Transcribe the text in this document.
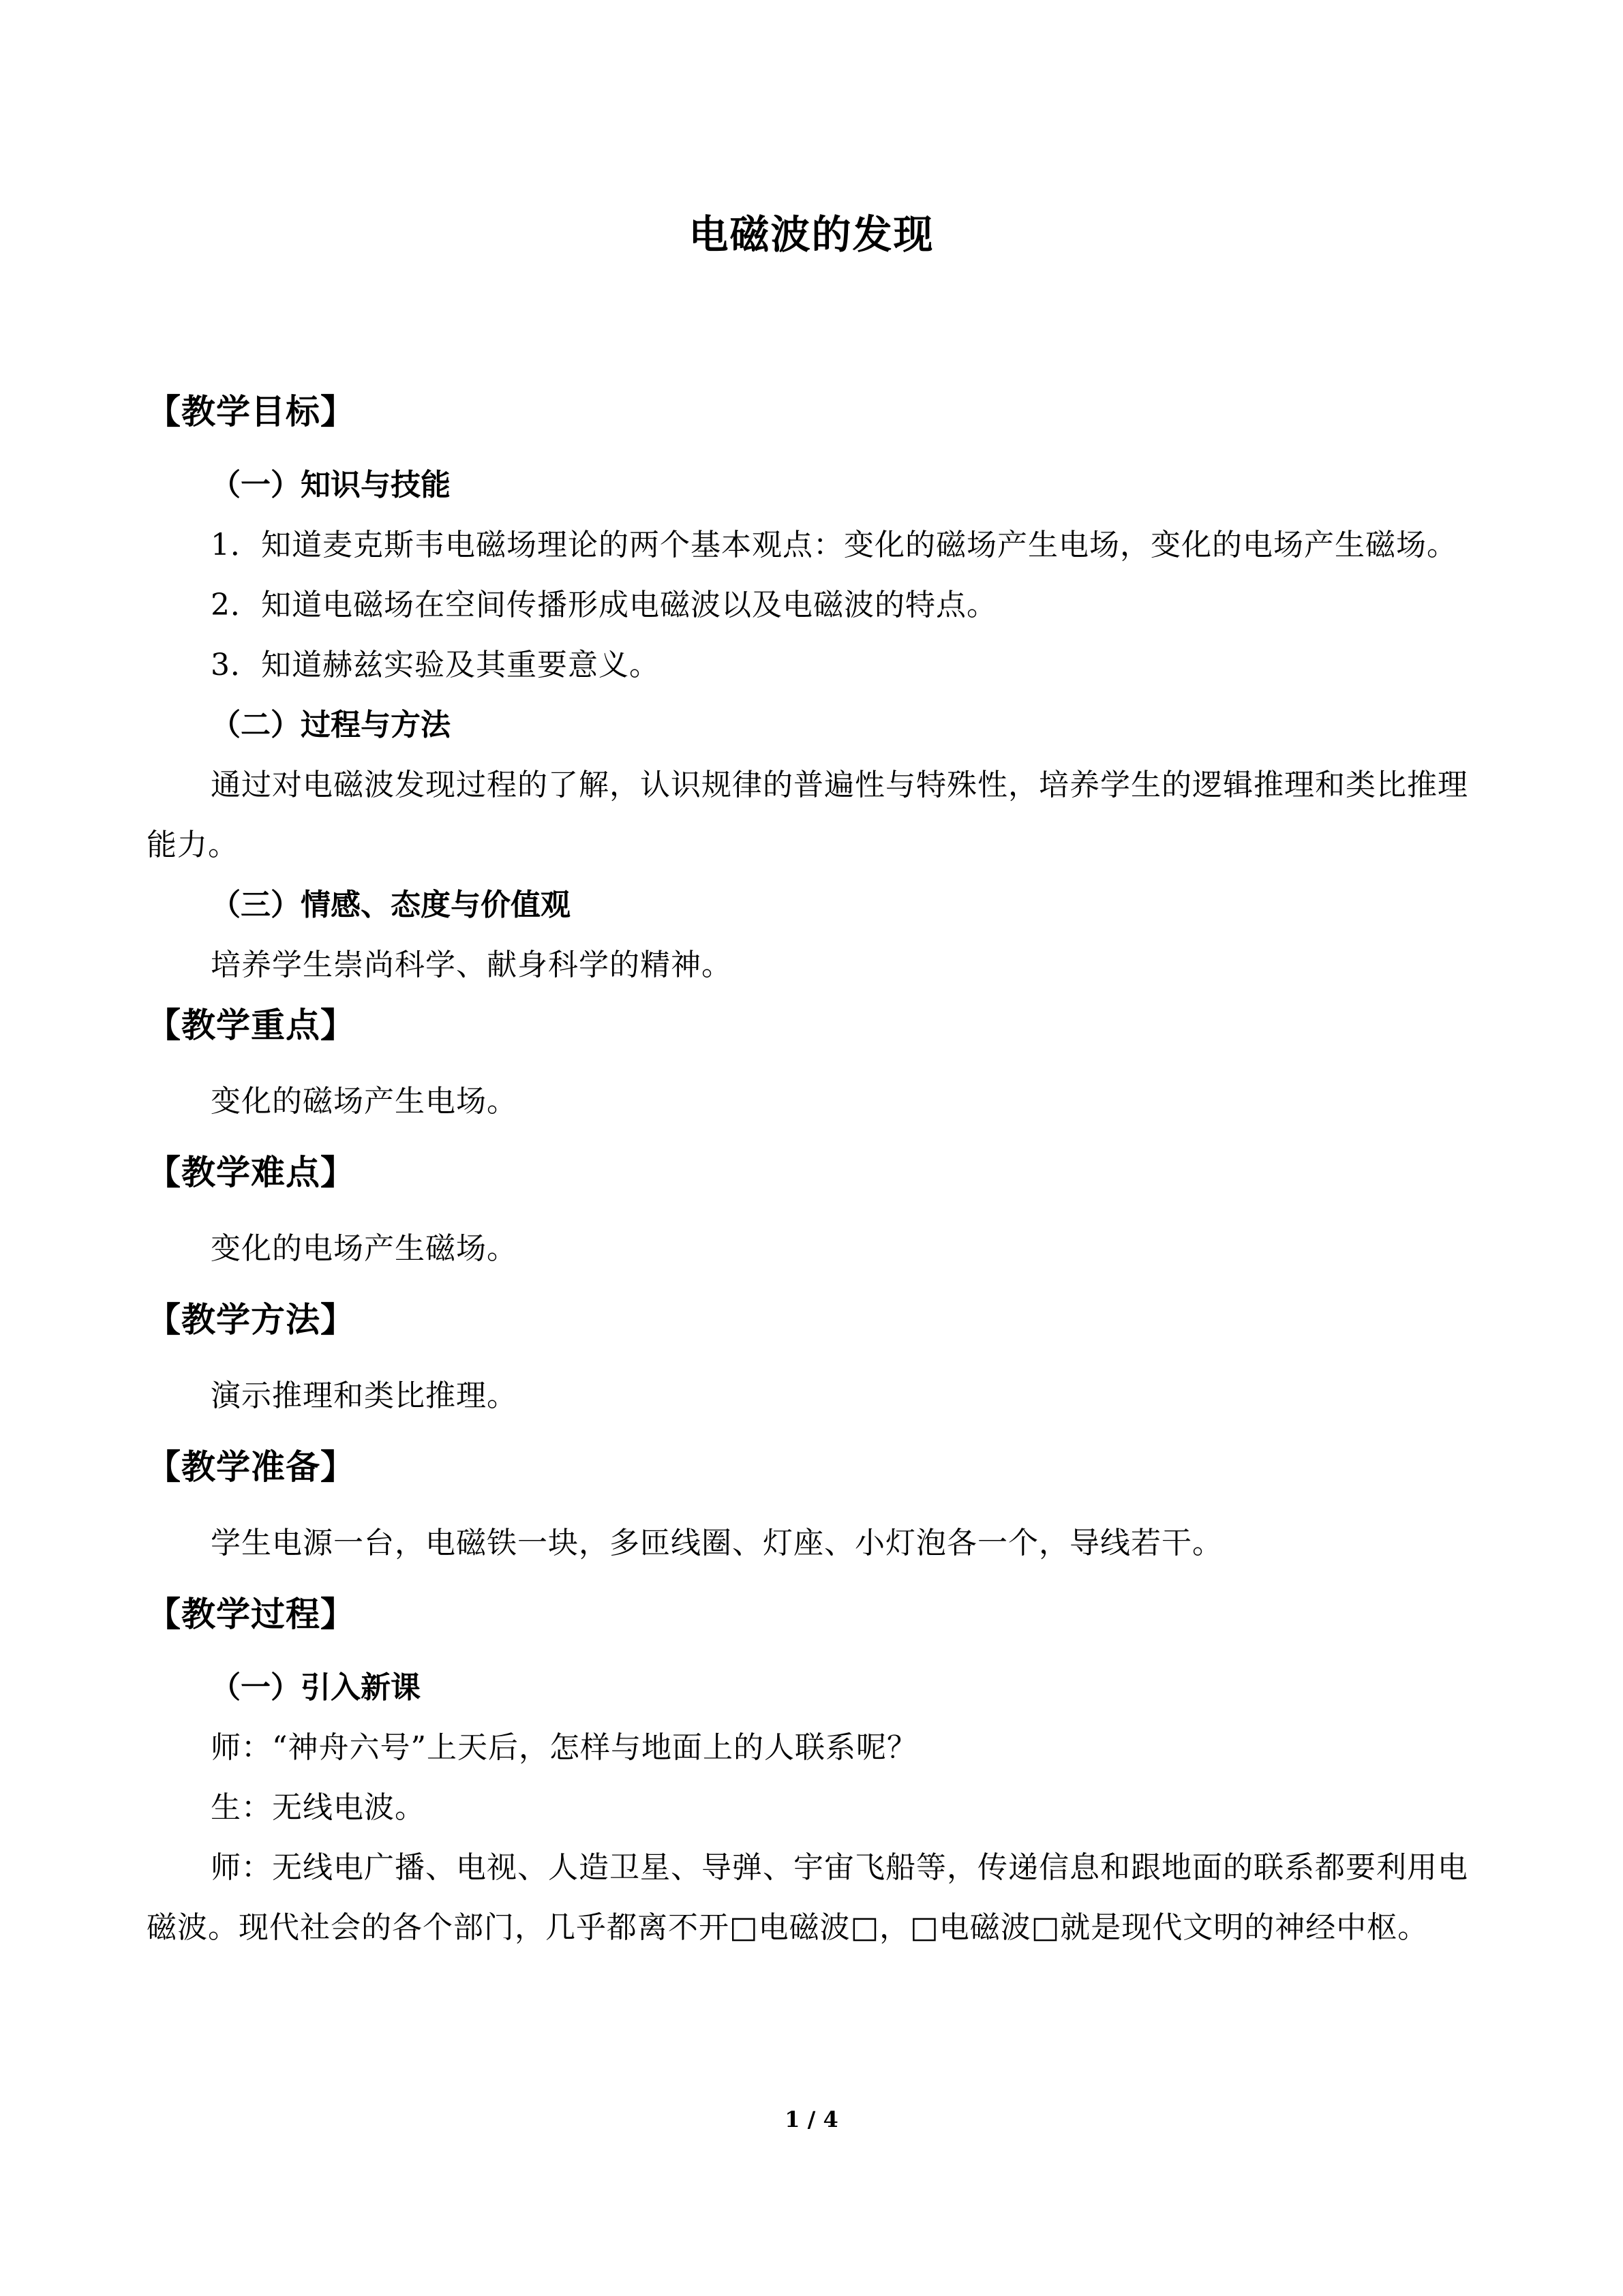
电磁波的发现
【教学目标】
（一）知识与技能

1．知道麦克斯韦电磁场理论的两个基本观点：变化的磁场产生电场，变化的电场产生磁场。

2．知道电磁场在空间传播形成电磁波以及电磁波的特点。

3．知道赫兹实验及其重要意义。

（二）过程与方法

通过对电磁波发现过程的了解，认识规律的普遍性与特殊性，培养学生的逻辑推理和类比推理能力。

（三）情感、态度与价值观

培养学生崇尚科学、献身科学的精神。

【教学重点】

变化的磁场产生电场。

【教学难点】

变化的电场产生磁场。

【教学方法】

演示推理和类比推理。

【教学准备】

学生电源一台，电磁铁一块，多匝线圈、灯座、小灯泡各一个，导线若干。

【教学过程】
（一）引入新课

师：“神舟六号”上天后，怎样与地面上的人联系呢？

生：无线电波。

师：无线电广播、电视、人造卫星、导弹、宇宙飞船等，传递信息和跟地面的联系都要利用电磁波。现代社会的各个部门，几乎都离不开□电磁波□，□电磁波□就是现代文明的神经中枢。

1 / 4
